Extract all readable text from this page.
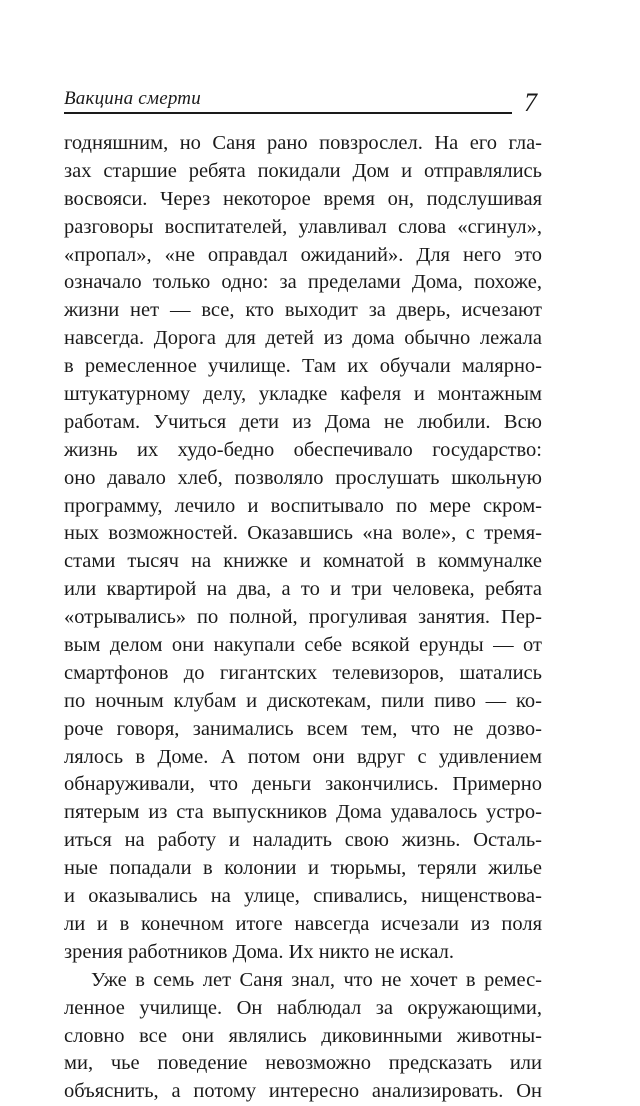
Вакцина смерти	7
годняшним, но Саня рано повзрослел. На его гла-
зах старшие ребята покидали Дом и отправлялись
восвояси. Через некоторое время он, подслушивая
разговоры воспитателей, улавливал слова «сгинул»,
«пропал», «не оправдал ожиданий». Для него это
означало только одно: за пределами Дома, похоже,
жизни нет — все, кто выходит за дверь, исчезают
навсегда. Дорога для детей из дома обычно лежала
в ремесленное училище. Там их обучали малярно-
штукатурному делу, укладке кафеля и монтажным
работам. Учиться дети из Дома не любили. Всю
жизнь их худо-бедно обеспечивало государство:
оно давало хлеб, позволяло прослушать школьную
программу, лечило и воспитывало по мере скром-
ных возможностей. Оказавшись «на воле», с тремя-
стами тысяч на книжке и комнатой в коммуналке
или квартирой на два, а то и три человека, ребята
«отрывались» по полной, прогуливая занятия. Пер-
вым делом они накупали себе всякой ерунды — от
смартфонов до гигантских телевизоров, шатались
по ночным клубам и дискотекам, пили пиво — ко-
роче говоря, занимались всем тем, что не дозво-
лялось в Доме. А потом они вдруг с удивлением
обнаруживали, что деньги закончились. Примерно
пятерым из ста выпускников Дома удавалось устро-
иться на работу и наладить свою жизнь. Осталь-
ные попадали в колонии и тюрьмы, теряли жилье
и оказывались на улице, спивались, нищенствова-
ли и в конечном итоге навсегда исчезали из поля
зрения работников Дома. Их никто не искал.
Уже в семь лет Саня знал, что не хочет в ремес-
ленное училище. Он наблюдал за окружающими,
словно все они являлись диковинными животны-
ми, чье поведение невозможно предсказать или
объяснить, а потому интересно анализировать. Он
